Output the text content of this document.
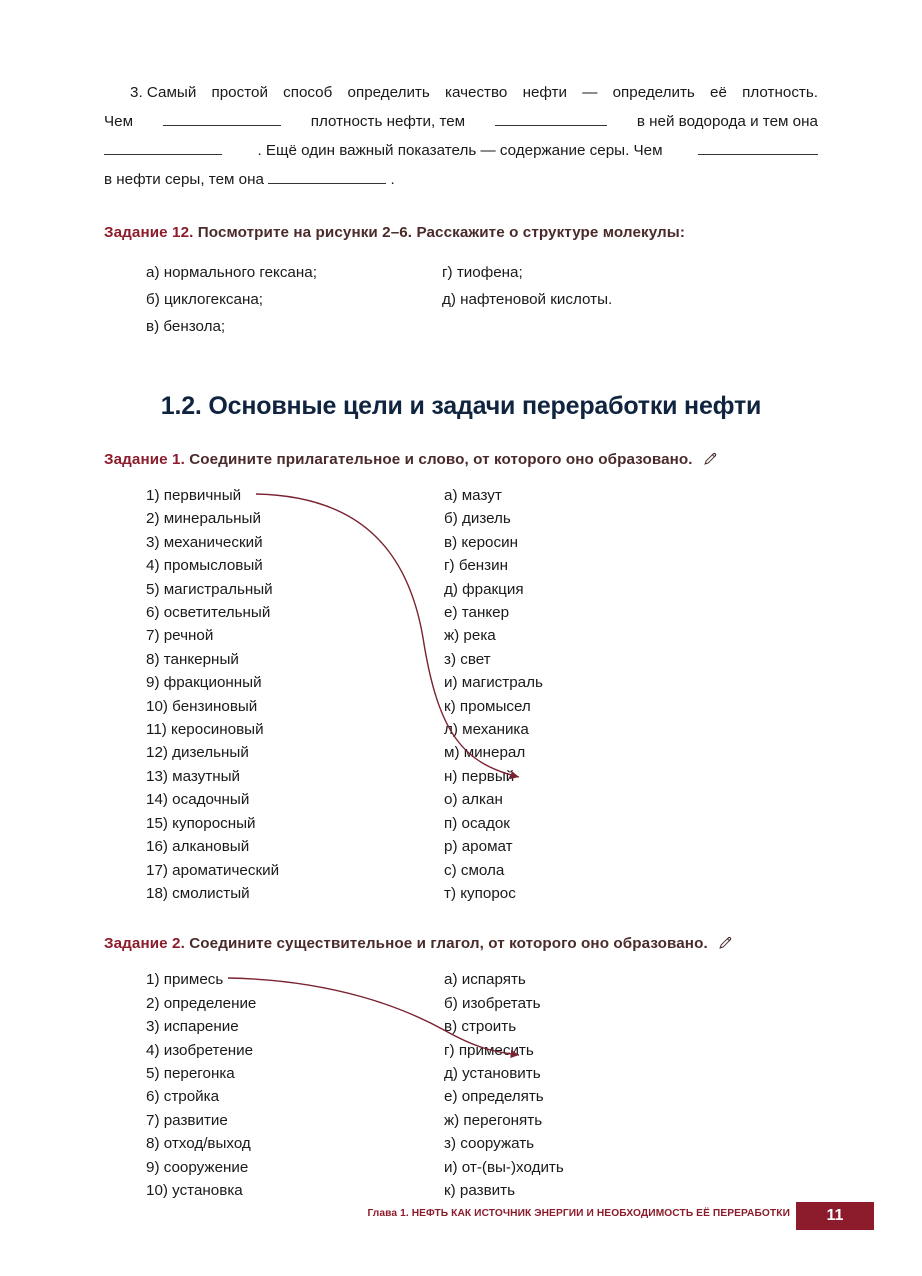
3. Самый простой способ определить качество нефти — определить её плотность.
Чем	плотность нефти, тем	в ней водорода и тем она
. Ещё один важный показатель — содержание серы. Чем
в нефти серы, тем она	.
Задание 12. Посмотрите на рисунки 2–6. Расскажите о структуре молекулы:
а) нормального гексана;
б) циклогексана;
в) бензола;
г) тиофена;
д) нафтеновой кислоты.
1.2. Основные цели и задачи переработки нефти
Задание 1. Соедините прилагательное и слово, от которого оно образовано.
1) первичный
2) минеральный
3) механический
4) промысловый
5) магистральный
6) осветительный
7) речной
8) танкерный
9) фракционный
10) бензиновый
11) керосиновый
12) дизельный
13) мазутный
14) осадочный
15) купоросный
16) алкановый
17) ароматический
18) смолистый
а) мазут
б) дизель
в) керосин
г) бензин
д) фракция
е) танкер
ж) река
з) свет
и) магистраль
к) промысел
л) механика
м) минерал
н) первый
о) алкан
п) осадок
р) аромат
с) смола
т) купорос
Задание 2. Соедините существительное и глагол, от которого оно образовано.
1) примесь
2) определение
3) испарение
4) изобретение
5) перегонка
6) стройка
7) развитие
8) отход/выход
9) сооружение
10) установка
а) испарять
б) изобретать
в) строить
г) примесить
д) установить
е) определять
ж) перегонять
з) сооружать
и) от-(вы-)ходить
к) развить
Глава 1. НЕФТЬ КАК ИСТОЧНИК ЭНЕРГИИ И НЕОБХОДИМОСТЬ ЕЁ ПЕРЕРАБОТКИ	11
